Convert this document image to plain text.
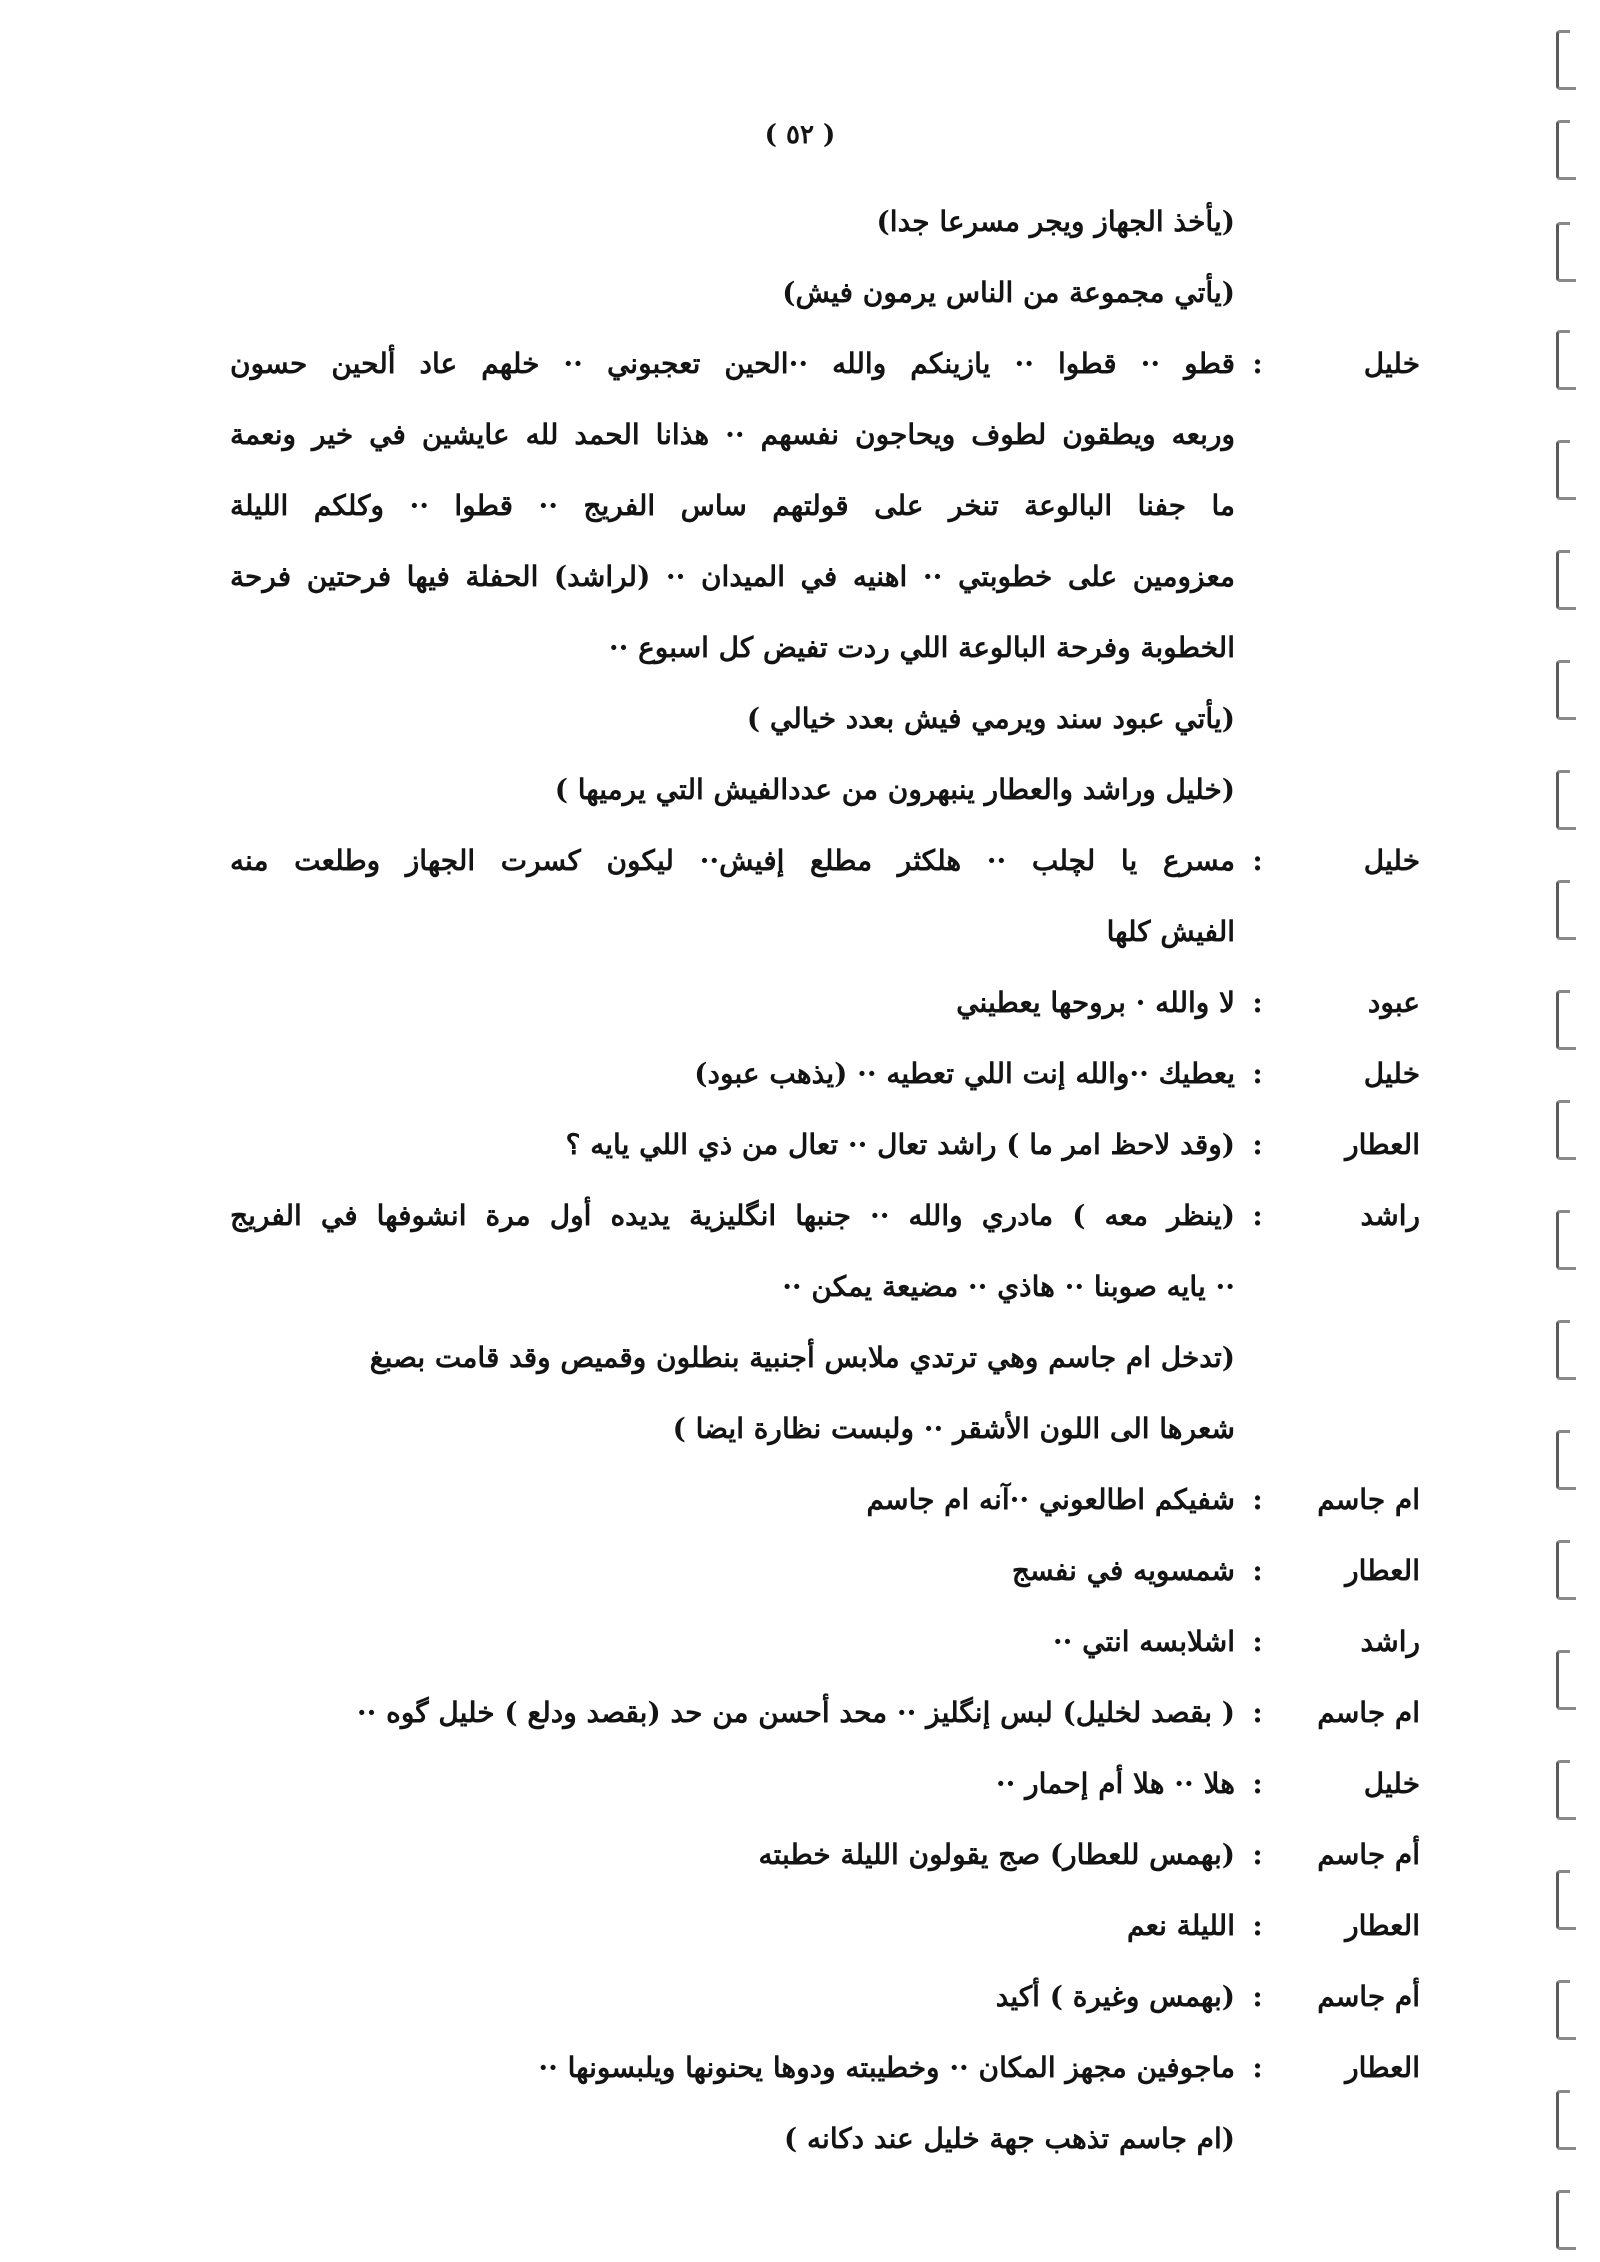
( ٥٢ )
(يأخذ الجهاز ويجر مسرعا جدا)
(يأتي مجموعة من الناس يرمون فيش)
خليل
:
قطو ·· قطوا ·· يازينكم والله ··الحين تعجبوني ·· خلهم عاد ألحين حسون
وربعه ويطقون لطوف ويحاجون نفسهم ·· هذانا الحمد لله عايشين في خير ونعمة
ما جفنا البالوعة تنخر على قولتهم ساس الفريج ·· قطوا ·· وكلكم الليلة
معزومين على خطوبتي ·· اهنيه في الميدان ·· (لراشد) الحفلة فيها فرحتين فرحة
الخطوبة وفرحة البالوعة اللي ردت تفيض كل اسبوع ··
(يأتي عبود سند ويرمي فيش بعدد خيالي )
(خليل وراشد والعطار ينبهرون من عددالفيش التي يرميها )
خليل
:
مسرع يا لچلب ·· هلكثر مطلع إفيش·· ليكون كسرت الجهاز وطلعت منه
الفيش كلها
عبود
:
لا والله · بروحها يعطيني
خليل
:
يعطيك ··والله إنت اللي تعطيه ·· (يذهب عبود)
العطار
:
(وقد لاحظ امر ما ) راشد تعال ·· تعال من ذي اللي يايه ؟
راشد
:
(ينظر معه ) مادري والله ·· جنبها انگليزية يديده أول مرة انشوفها في الفريج
·· يايه صوبنا ·· هاذي ·· مضيعة يمكن ··
(تدخل ام جاسم وهي ترتدي ملابس أجنبية بنطلون وقميص وقد قامت بصبغ
شعرها الى اللون الأشقر ·· ولبست نظارة ايضا )
ام جاسم
:
شفيكم اطالعوني ··آنه ام جاسم
العطار
:
شمسويه في نفسج
راشد
:
اشلابسه انتي ··
ام جاسم
:
( بقصد لخليل) لبس إنگليز ·· محد أحسن من حد (بقصد ودلع ) خليل گوه ··
خليل
:
هلا ·· هلا أم إحمار ··
أم جاسم
:
(بهمس للعطار) صج يقولون الليلة خطبته
العطار
:
الليلة نعم
أم جاسم
:
(بهمس وغيرة ) أكيد
العطار
:
ماجوفين مجهز المكان ·· وخطيبته ودوها يحنونها ويلبسونها ··
(ام جاسم تذهب جهة خليل عند دكانه )
